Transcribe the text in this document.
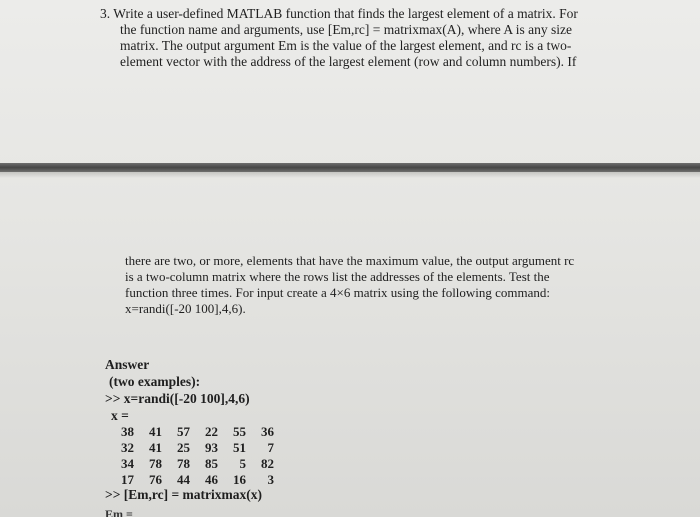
3. Write a user-defined MATLAB function that finds the largest element of a matrix. For

the function name and arguments, use [Em,rc] = matrixmax(A), where A is any size

matrix. The output argument Em is the value of the largest element, and rc is a two-

element vector with the address of the largest element (row and column numbers). If

there are two, or more, elements that have the maximum value, the output argument rc

is a two-column matrix where the rows list the addresses of the elements. Test the

function three times. For input create a 4×6 matrix using the following command:

x=randi([-20 100],4,6).

Answer

(two examples):

>> x=randi([-20 100],4,6)

x =

38	41	57	22	55	36
32	41	25	93	51	7
34	78	78	85	5	82
17	76	44	46	16	3
>> [Em,rc] = matrixmax(x)
Em =
